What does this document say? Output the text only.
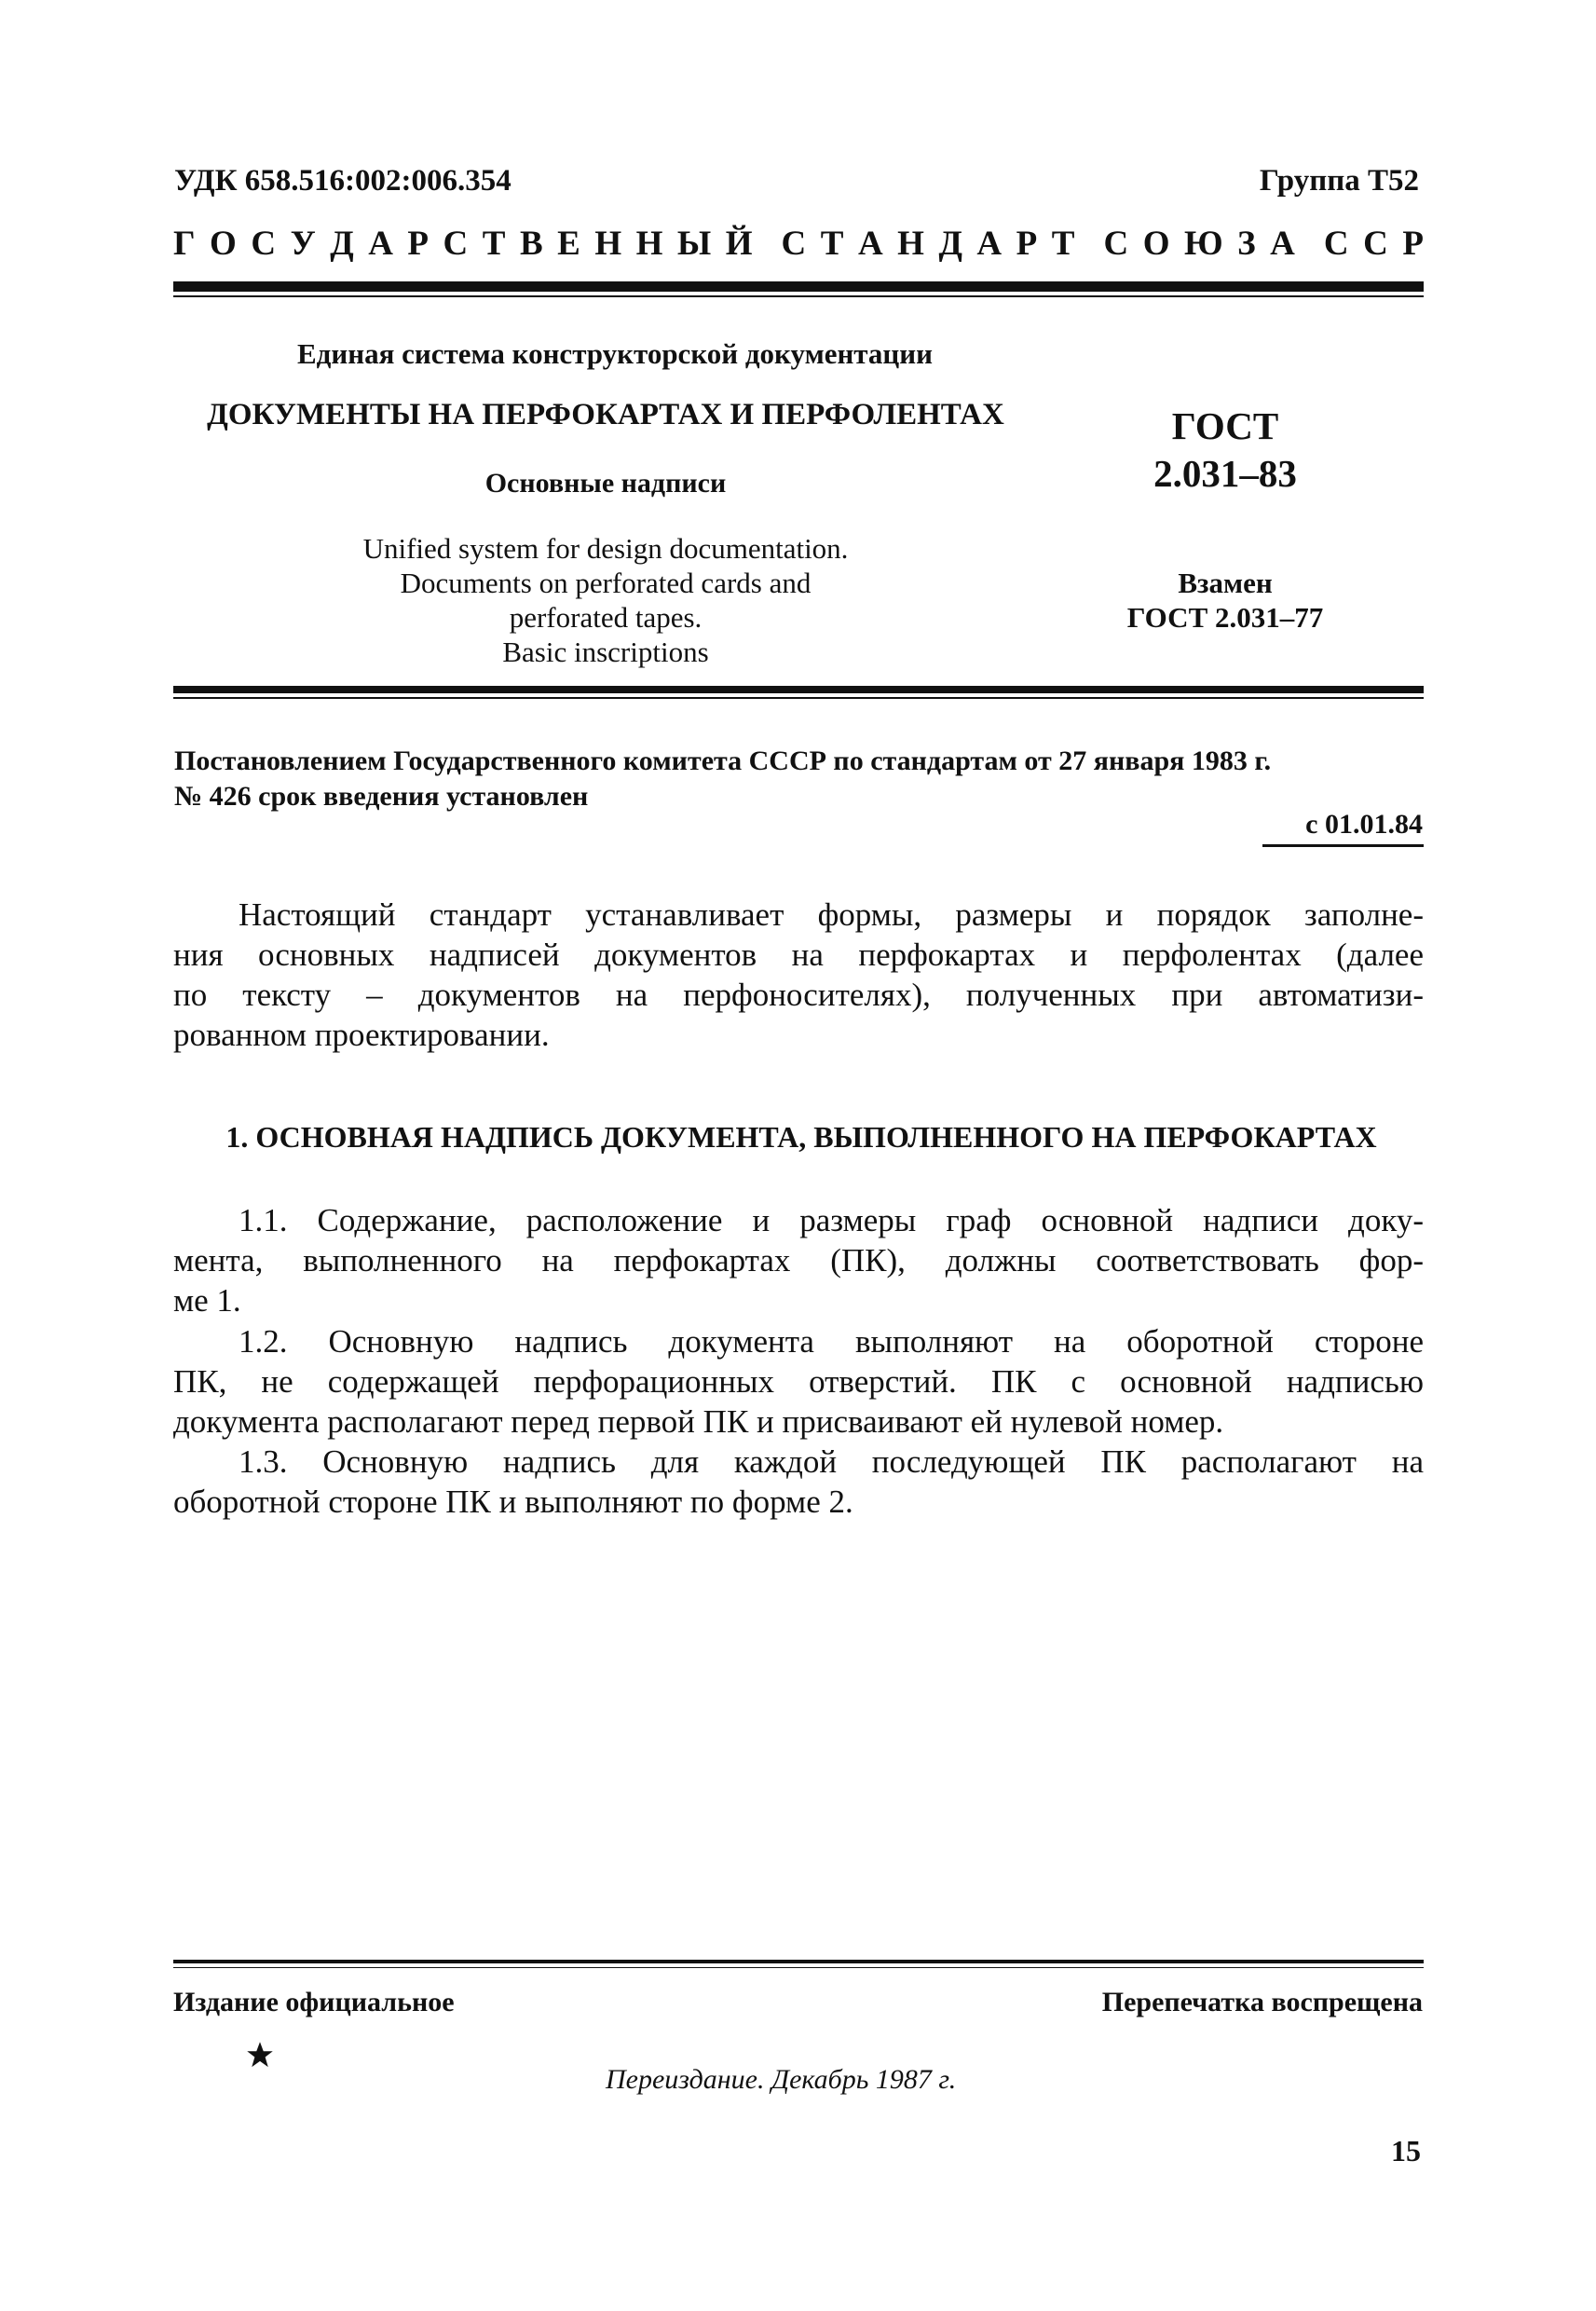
УДК 658.516:002:006.354	Группа Т52
Г О С У Д А Р С Т В Е Н Н Ы Й С Т А Н Д А Р Т С О Ю З А С С Р
Единая система конструкторской документации
ДОКУМЕНТЫ НА ПЕРФОКАРТАХ И ПЕРФОЛЕНТАХ
Основные надписи
Unified system for design documentation.
Documents on perforated cards and
perforated tapes.
Basic inscriptions
ГОСТ
2.031–83
Взамен
ГОСТ 2.031–77
Постановлением Государственного комитета СССР по стандартам от 27 января 1983 г.
№ 426 срок введения установлен
с 01.01.84
Настоящий стандарт устанавливает формы, размеры и порядок заполне-
ния основных надписей документов на перфокартах и перфолентах (далее
по тексту – документов на перфоносителях), полученных при автоматизи-
рованном проектировании.
1. ОСНОВНАЯ НАДПИСЬ ДОКУМЕНТА, ВЫПОЛНЕННОГО НА ПЕРФОКАРТАХ
1.1. Содержание, расположение и размеры граф основной надписи доку-
мента, выполненного на перфокартах (ПК), должны соответствовать фор-
ме 1.
1.2. Основную надпись документа выполняют на оборотной стороне
ПК, не содержащей перфорационных отверстий. ПК с основной надписью
документа располагают перед первой ПК и присваивают ей нулевой номер.
1.3. Основную надпись для каждой последующей ПК располагают на
оборотной стороне ПК и выполняют по форме 2.
Издание официальное	Перепечатка воспрещена
Переиздание. Декабрь 1987 г.
15
